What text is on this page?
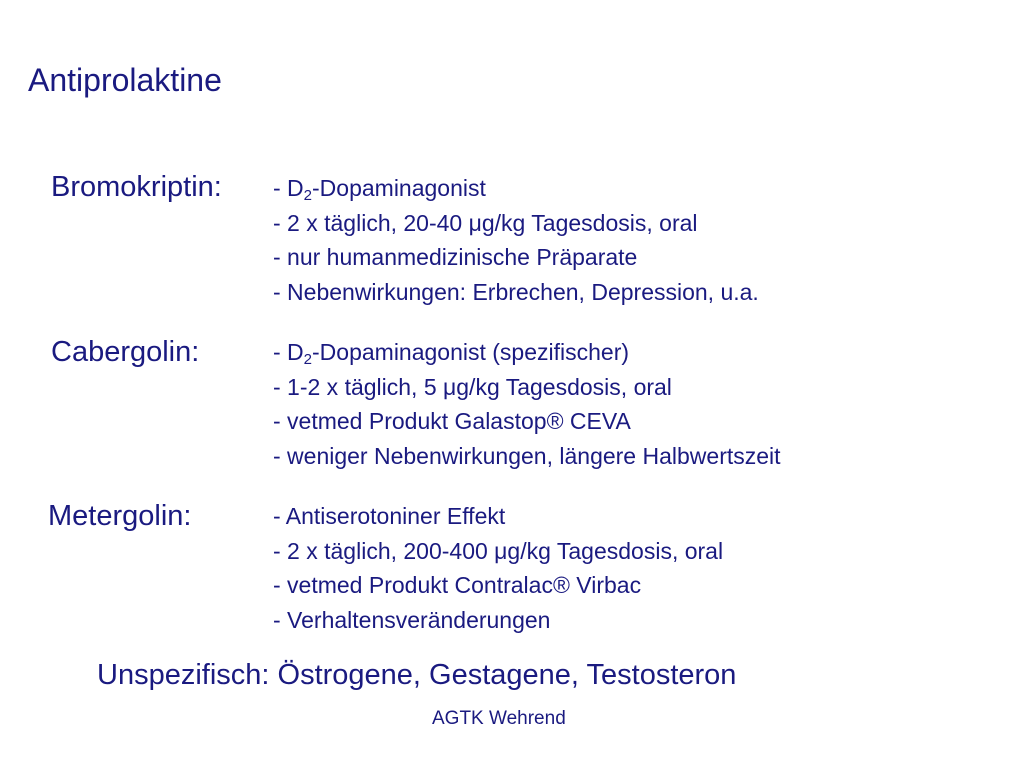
Antiprolaktine
Bromokriptin: - $D_2$-Dopaminagonist
- 2 x täglich, 20-40 μg/kg Tagesdosis, oral
- nur humanmedizinische Präparate
- Nebenwirkungen: Erbrechen, Depression, u.a.
Cabergolin:	- $D_2$-Dopaminagonist (spezifischer)
- 1-2 x täglich, 5 μg/kg Tagesdosis, oral
- vetmed Produkt Galastop® CEVA
- weniger Nebenwirkungen, längere Halbwertszeit
Metergolin:	- Antiserotoniner Effekt
- 2 x täglich, 200-400 μg/kg Tagesdosis, oral
- vetmed Produkt Contralac® Virbac
- Verhaltensveränderungen
Unspezifisch: Östrogene, Gestagene, Testosteron
AGTK Wehrend
